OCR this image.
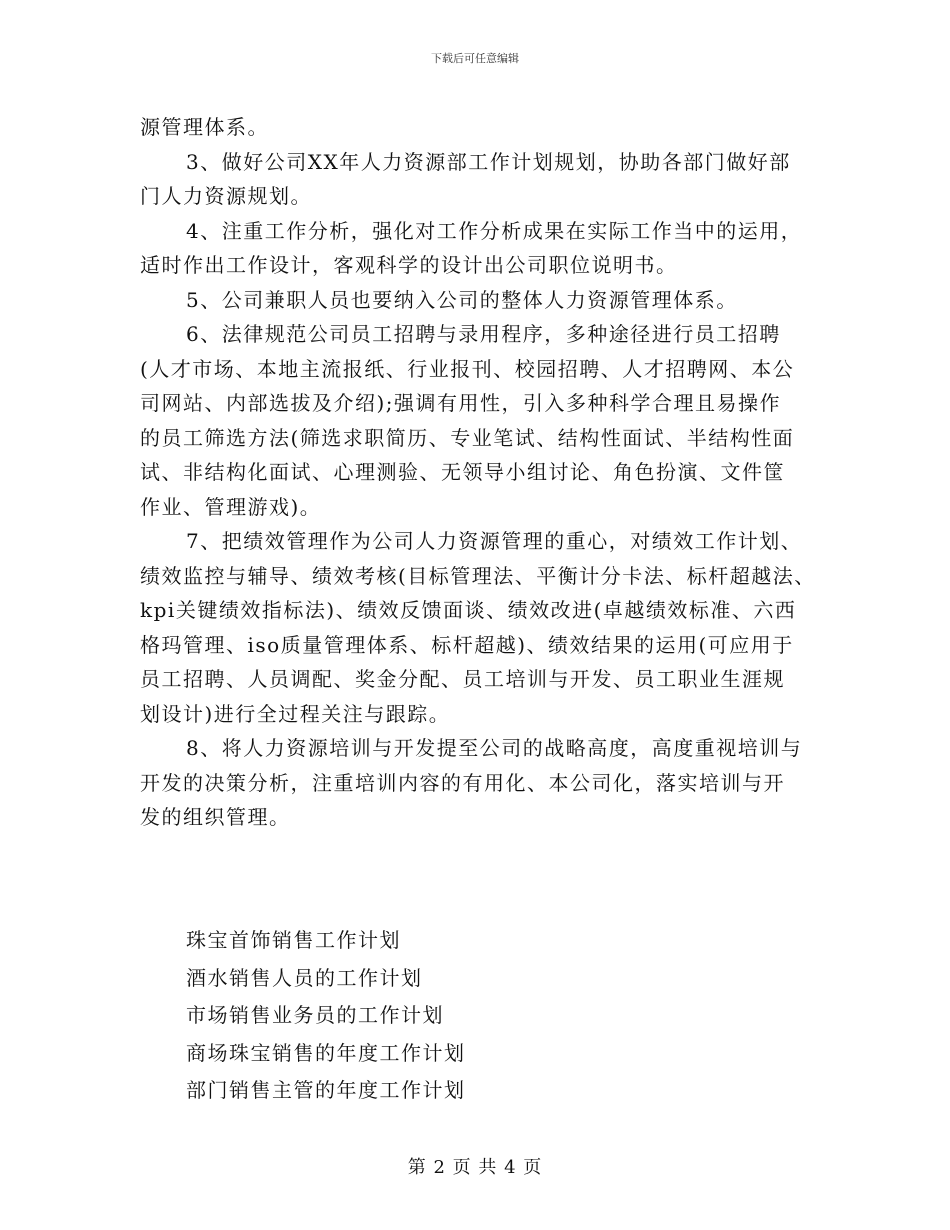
下载后可任意编辑

源管理体系。

3、做好公司XX年人力资源部工作计划规划，协助各部门做好部
门人力资源规划。

4、注重工作分析，强化对工作分析成果在实际工作当中的运用，
适时作出工作设计，客观科学的设计出公司职位说明书。

5、公司兼职人员也要纳入公司的整体人力资源管理体系。

6、法律规范公司员工招聘与录用程序，多种途径进行员工招聘
(人才市场、本地主流报纸、行业报刊、校园招聘、人才招聘网、本公
司网站、内部选拔及介绍);强调有用性，引入多种科学合理且易操作
的员工筛选方法(筛选求职简历、专业笔试、结构性面试、半结构性面
试、非结构化面试、心理测验、无领导小组讨论、角色扮演、文件筐
作业、管理游戏)。

7、把绩效管理作为公司人力资源管理的重心，对绩效工作计划、
绩效监控与辅导、绩效考核(目标管理法、平衡计分卡法、标杆超越法、
kpi关键绩效指标法)、绩效反馈面谈、绩效改进(卓越绩效标准、六西
格玛管理、iso质量管理体系、标杆超越)、绩效结果的运用(可应用于
员工招聘、人员调配、奖金分配、员工培训与开发、员工职业生涯规
划设计)进行全过程关注与跟踪。

8、将人力资源培训与开发提至公司的战略高度，高度重视培训与
开发的决策分析，注重培训内容的有用化、本公司化，落实培训与开
发的组织管理。

珠宝首饰销售工作计划
酒水销售人员的工作计划
市场销售业务员的工作计划
商场珠宝销售的年度工作计划
部门销售主管的年度工作计划
第 2 页 共 4 页
